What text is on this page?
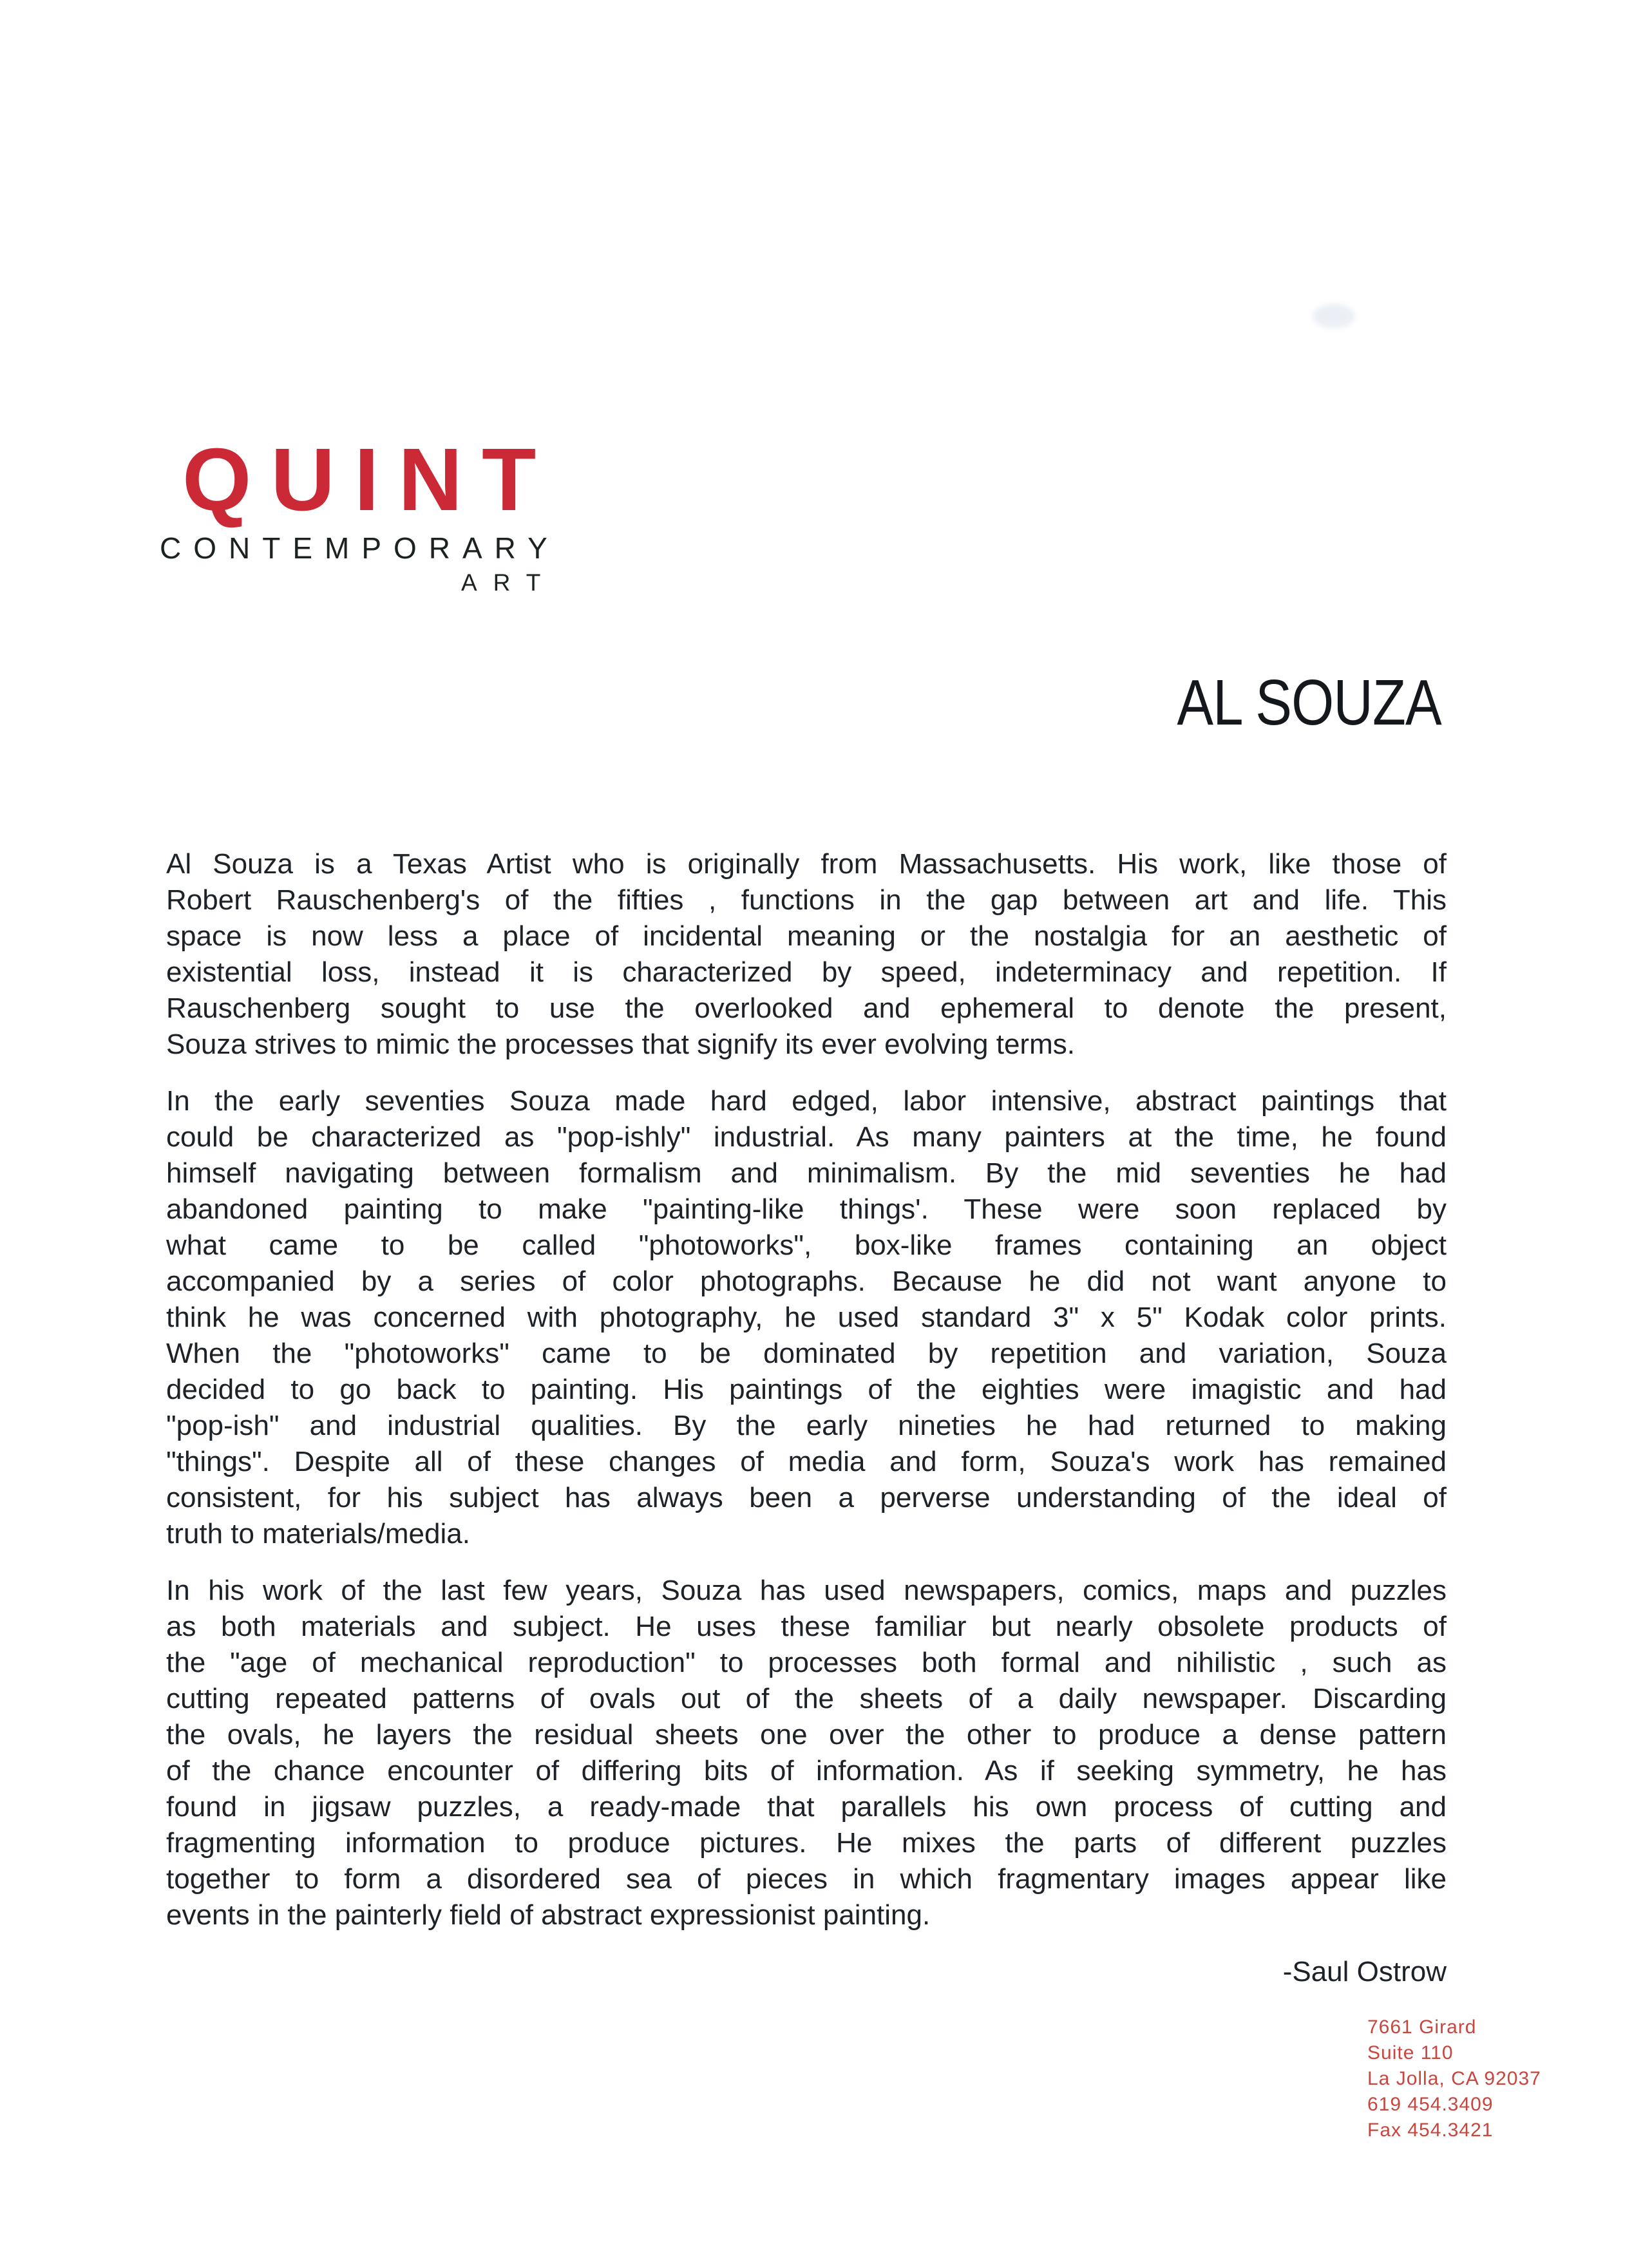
QUINT
CONTEMPORARY
ART
AL SOUZA
Al Souza is a Texas Artist who is originally from Massachusetts. His work, like those of
Robert Rauschenberg's of the fifties , functions in the gap between art and life. This
space is now less a place of incidental meaning or the nostalgia for an aesthetic of
existential loss, instead it is characterized by speed, indeterminacy and repetition. If
Rauschenberg sought to use the overlooked and ephemeral to denote the present,
Souza strives to mimic the processes that signify its ever evolving terms.
In the early seventies Souza made hard edged, labor intensive, abstract paintings that
could be characterized as "pop-ishly" industrial. As many painters at the time, he found
himself navigating between formalism and minimalism. By the mid seventies he had
abandoned painting to make "painting-like things'. These were soon replaced by
what came to be called "photoworks", box-like frames containing an object
accompanied by a series of color photographs. Because he did not want anyone to
think he was concerned with photography, he used standard 3" x 5" Kodak color prints.
When the "photoworks" came to be dominated by repetition and variation, Souza
decided to go back to painting. His paintings of the eighties were imagistic and had
"pop-ish" and industrial qualities. By the early nineties he had returned to making
"things". Despite all of these changes of media and form, Souza's work has remained
consistent, for his subject has always been a perverse understanding of the ideal of
truth to materials/media.
In his work of the last few years, Souza has used newspapers, comics, maps and puzzles
as both materials and subject. He uses these familiar but nearly obsolete products of
the "age of mechanical reproduction" to processes both formal and nihilistic , such as
cutting repeated patterns of ovals out of the sheets of a daily newspaper. Discarding
the ovals, he layers the residual sheets one over the other to produce a dense pattern
of the chance encounter of differing bits of information. As if seeking symmetry, he has
found in jigsaw puzzles, a ready-made that parallels his own process of cutting and
fragmenting information to produce pictures. He mixes the parts of different puzzles
together to form a disordered sea of pieces in which fragmentary images appear like
events in the painterly field of abstract expressionist painting.
-Saul Ostrow
7661 Girard
Suite 110
La Jolla, CA 92037
619 454.3409
Fax 454.3421
